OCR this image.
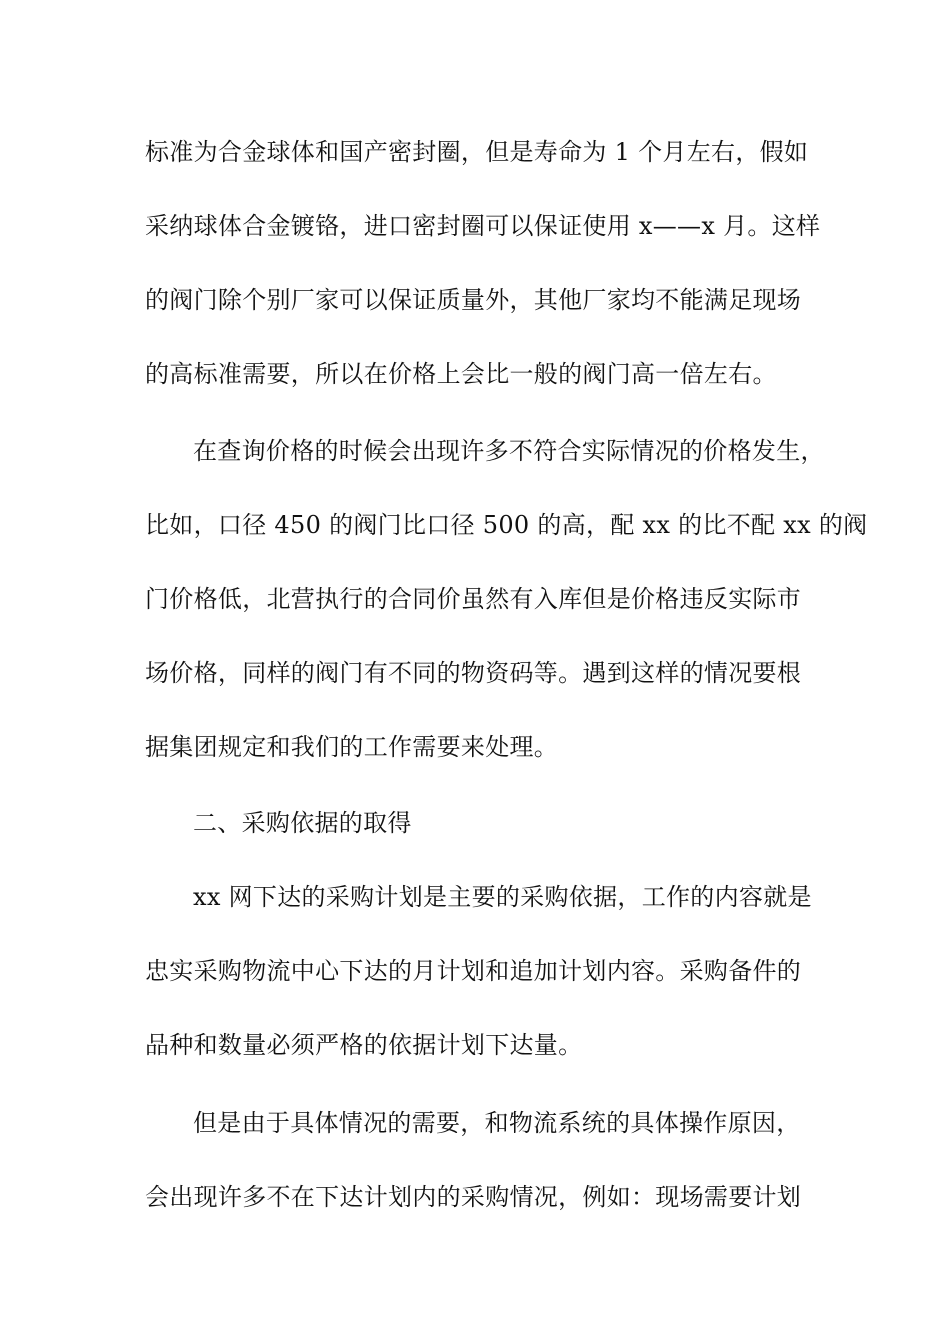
标准为合金球体和国产密封圈，但是寿命为 1 个月左右，假如

采纳球体合金镀铬，进口密封圈可以保证使用 x——x 月。这样

的阀门除个别厂家可以保证质量外，其他厂家均不能满足现场

的高标准需要，所以在价格上会比一般的阀门高一倍左右。

在查询价格的时候会出现许多不符合实际情况的价格发生，

比如，口径 450 的阀门比口径 500 的高，配 xx 的比不配 xx 的阀

门价格低，北营执行的合同价虽然有入库但是价格违反实际市

场价格，同样的阀门有不同的物资码等。遇到这样的情况要根

据集团规定和我们的工作需要来处理。

二、采购依据的取得

xx 网下达的采购计划是主要的采购依据，工作的内容就是

忠实采购物流中心下达的月计划和追加计划内容。采购备件的

品种和数量必须严格的依据计划下达量。

但是由于具体情况的需要，和物流系统的具体操作原因，

会出现许多不在下达计划内的采购情况，例如：现场需要计划
